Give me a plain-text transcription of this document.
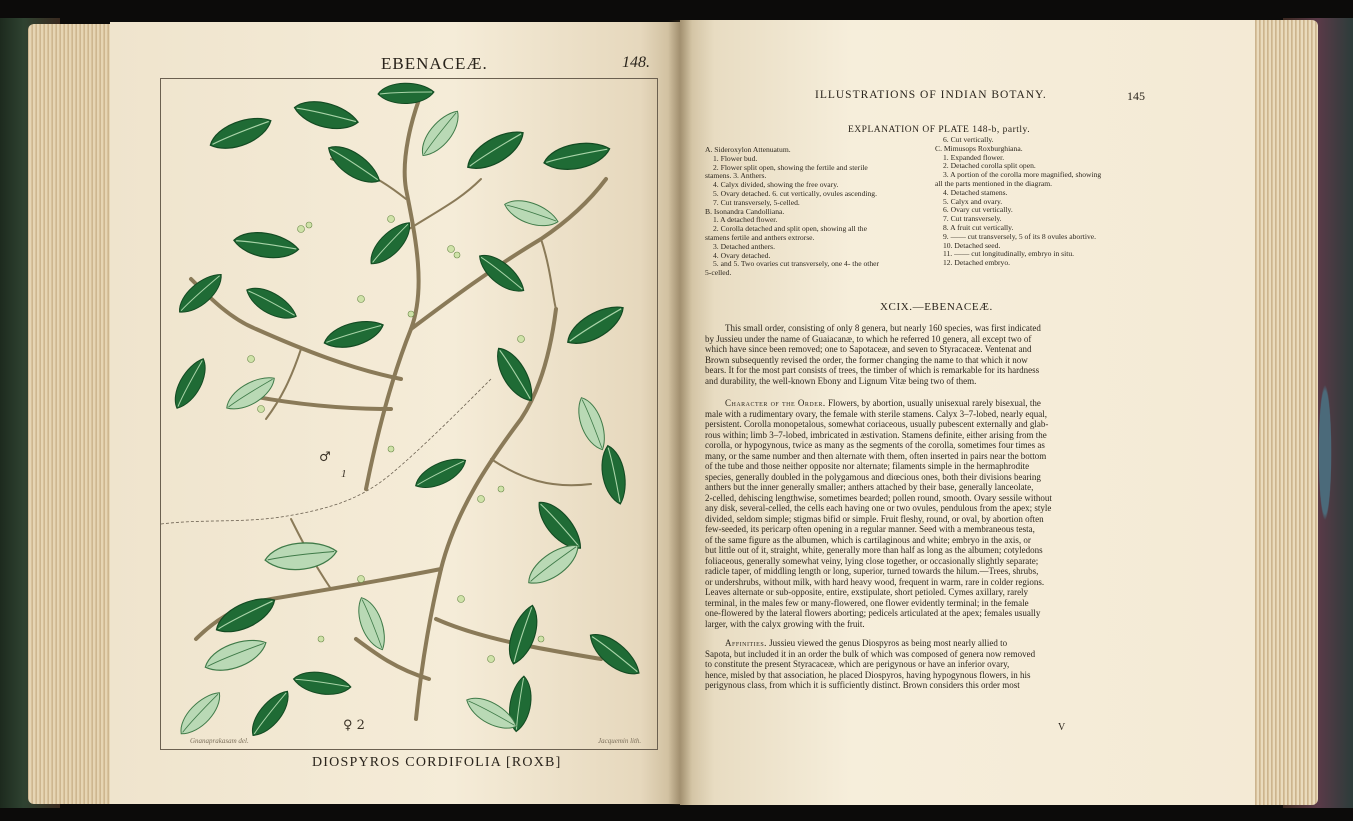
EBENACEÆ.	148.
♂
1
♀ 2
Gnanaprakasam del.	Jacquemin lith.
DIOSPYROS CORDIFOLIA [ROXB]
ILLUSTRATIONS OF INDIAN BOTANY.	145
EXPLANATION OF PLATE 148-b, partly.
A. Sideroxylon Attenuatum.
1. Flower bud.
2. Flower split open, showing the fertile and sterile
stamens. 3. Anthers.
4. Calyx divided, showing the free ovary.
5. Ovary detached. 6. cut vertically, ovules ascending.
7. Cut transversely, 5-celled.
B. Isonandra Candolliana.
1. A detached flower.
2. Corolla detached and split open, showing all the
stamens fertile and anthers extrorse.
3. Detached anthers.
4. Ovary detached.
5. and 5. Two ovaries cut transversely, one 4- the other
5-celled.
6. Cut vertically.
C. Mimusops Roxburghiana.
1. Expanded flower.
2. Detached corolla split open.
3. A portion of the corolla more magnified, showing
all the parts mentioned in the diagram.
4. Detached stamens.
5. Calyx and ovary.
6. Ovary cut vertically.
7. Cut transversely.
8. A fruit cut vertically.
9. —— cut transversely, 5 of its 8 ovules abortive.
10. Detached seed.
11. —— cut longitudinally, embryo in situ.
12. Detached embryo.
XCIX.—EBENACEÆ.
This small order, consisting of only 8 genera, but nearly 160 species, was first indicated
by Jussieu under the name of Guaiacanæ, to which he referred 10 genera, all except two of
which have since been removed; one to Sapotaceæ, and seven to Styracaceæ. Ventenat and
Brown subsequently revised the order, the former changing the name to that which it now
bears. It for the most part consists of trees, the timber of which is remarkable for its hardness
and durability, the well-known Ebony and Lignum Vitæ being two of them.
Character of the Order. Flowers, by abortion, usually unisexual rarely bisexual, the
male with a rudimentary ovary, the female with sterile stamens. Calyx 3–7-lobed, nearly equal,
persistent. Corolla monopetalous, somewhat coriaceous, usually pubescent externally and glab-
rous within; limb 3–7-lobed, imbricated in æstivation. Stamens definite, either arising from the
corolla, or hypogynous, twice as many as the segments of the corolla, sometimes four times as
many, or the same number and then alternate with them, often inserted in pairs near the bottom
of the tube and those neither opposite nor alternate; filaments simple in the hermaphrodite
species, generally doubled in the polygamous and diœcious ones, both their divisions bearing
anthers but the inner generally smaller; anthers attached by their base, generally lanceolate,
2-celled, dehiscing lengthwise, sometimes bearded; pollen round, smooth. Ovary sessile without
any disk, several-celled, the cells each having one or two ovules, pendulous from the apex; style
divided, seldom simple; stigmas bifid or simple. Fruit fleshy, round, or oval, by abortion often
few-seeded, its pericarp often opening in a regular manner. Seed with a membraneous testa,
of the same figure as the albumen, which is cartilaginous and white; embryo in the axis, or
but little out of it, straight, white, generally more than half as long as the albumen; cotyledons
foliaceous, generally somewhat veiny, lying close together, or occasionally slightly separate;
radicle taper, of middling length or long, superior, turned towards the hilum.—Trees, shrubs,
or undershrubs, without milk, with hard heavy wood, frequent in warm, rare in colder regions.
Leaves alternate or sub-opposite, entire, exstipulate, short petioled. Cymes axillary, rarely
terminal, in the males few or many-flowered, one flower evidently terminal; in the female
one-flowered by the lateral flowers aborting; pedicels articulated at the apex; females usually
larger, with the calyx growing with the fruit.
Affinities. Jussieu viewed the genus Diospyros as being most nearly allied to
Sapota, but included it in an order the bulk of which was composed of genera now removed
to constitute the present Styracaceæ, which are perigynous or have an inferior ovary,
hence, misled by that association, he placed Diospyros, having hypogynous flowers, in his
perigynous class, from which it is sufficiently distinct. Brown considers this order most
V
